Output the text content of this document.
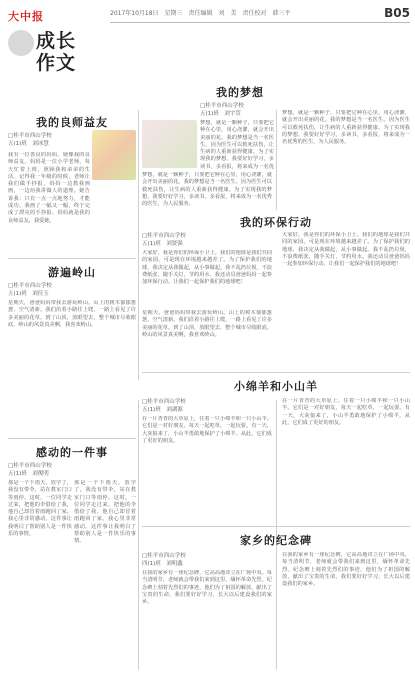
大中报
成长作文
2017年10月18日　星期三　责任编辑　刘　美　责任校对　韩三平	B05
我的良师益友
□桂平市西山学校
五(1)班　刘冰慧
我有一位善良的妈妈，她像我的良师益友。妈妈是一位小学老师，每天忙着上班，照顾我和弟弟的生活。记得我一年级的时候，老师让我们做手抄报，妈妈一边教我画画，一边给我讲做人的道理。她告诉我：只有一点一点地努力，才能成功。我画了一幅又一幅，终于完成了漂亮的手抄报。妈妈就是我的良师益友，我爱她。
我的梦想
□桂平市西山学校
五(1)班　刘宇萱
梦想，就是一颗种子，只要把它种在心里，用心浇灌，就会开出美丽的花。我的梦想是当一名医生。因为医生可以救死扶伤，让生病的人重新获得健康。为了实现我的梦想，我要好好学习，多读书，多看报，将来成为一名优秀的医生，为人民服务。
梦想，就是一颗种子，只要把它种在心里，用心浇灌，就会开出美丽的花。我的梦想是当一名医生。因为医生可以救死扶伤，让生病的人重新获得健康。为了实现我的梦想，我要好好学习，多读书，多看报，将来成为一名优
梦想，就是一颗种子，只要把它种在心里，用心浇灌，就会开出美丽的花。我的梦想是当一名医生。因为医生可以救死扶伤，让生病的人重新获得健康。为了实现我的梦想，我要好好学习，多读书，多看报，将来成为一名优秀的医生，为人民服务。
我的环保行动
□桂平市西山学校
五(1)班　刘贤强
大家好，我是你们的环保小卫士。我们的地球是我们共同的家园，可是现在环境越来越差了。为了保护我们的地球，我决定从我做起，从小事做起。我不乱扔垃圾，不浪费纸张，随手关灯，节约用水。我还动员爸爸妈妈一起参加环保行动。让我们一起保护我们的地球吧！
大家好，我是你们的环保小卫士。我们的地球是我们共同的家园，可是现在环境越来越差了。为了保护我们的地球，我决定从我做起，从小事做起。我不乱扔垃圾，不浪费纸张，随手关灯，节约用水。我还动员爸爸妈妈一起参加环保行动。让我们一起保护我们的地球吧！
游遍岭山
□桂平市西山学校
五(1)班　刘佳玉
星期天，爸爸妈妈带我去游玩岭山。山上的树木郁郁葱葱，空气清新。我们沿着小路往上爬，一路上看见了许多美丽的花草。到了山顶，放眼望去，整个城市尽收眼底。岭山的风景真美啊，我喜欢岭山。
星期天，爸爸妈妈带我去游玩岭山。山上的树木郁郁葱葱，空气清新。我们沿着小路往上爬，一路上看见了许多美丽的花草。到了山顶，放眼望去，整个城市尽收眼底。岭山的风景真美啊，我喜欢岭山。
小绵羊和小山羊
□桂平市西山学校
五(1)班　刘湖源
在一片青青的大草原上，住着一只小绵羊和一只小山羊。它们是一对好朋友，每天一起吃草，一起玩耍。有一天，大灰狼来了，小山羊勇敢地保护了小绵羊。从此，它们成了更好的朋友。
在一片青青的大草原上，住着一只小绵羊和一只小山羊。它们是一对好朋友，每天一起吃草，一起玩耍。有一天，大灰狼来了，小山羊勇敢地保护了小绵羊。从此，它们成了更好的朋友。
感动的一件事
□桂平市西山学校
五(1)班　刘俊明
那是一个下雨天，放学了，我没有带伞，站在教室门口等雨停。这时，一位同学走过来，把他的伞借给了我，他自己却冒着雨跑回了家。我心里非常感动。这件事让我明白了帮助别人是一件快乐的事情。
那是一个下雨天，放学了，我没有带伞，站在教室门口等雨停。这时，一位同学走过来，把他的伞借给了我，他自己却冒着雨跑回了家。我心里非常感动。这件事让我明白了帮助别人是一件快乐的事情。	家乡的纪念碑
□桂平市西山学校
四(1)班　刘明鑫
在我的家乡有一座纪念碑，它高高地耸立在广场中央。每当清明节，老师就会带我们来到这里，缅怀革命先烈。纪念碑上刻着先烈们的事迹，他们为了祖国的解放，献出了宝贵的生命。我们要好好学习，长大以后建设我们的家乡。
在我的家乡有一座纪念碑，它高高地耸立在广场中央。每当清明节，老师就会带我们来到这里，缅怀革命先烈。纪念碑上刻着先烈们的事迹，他们为了祖国的解放，献出了宝贵的生命。我们要好好学习，长大以后建设我们的家乡。
